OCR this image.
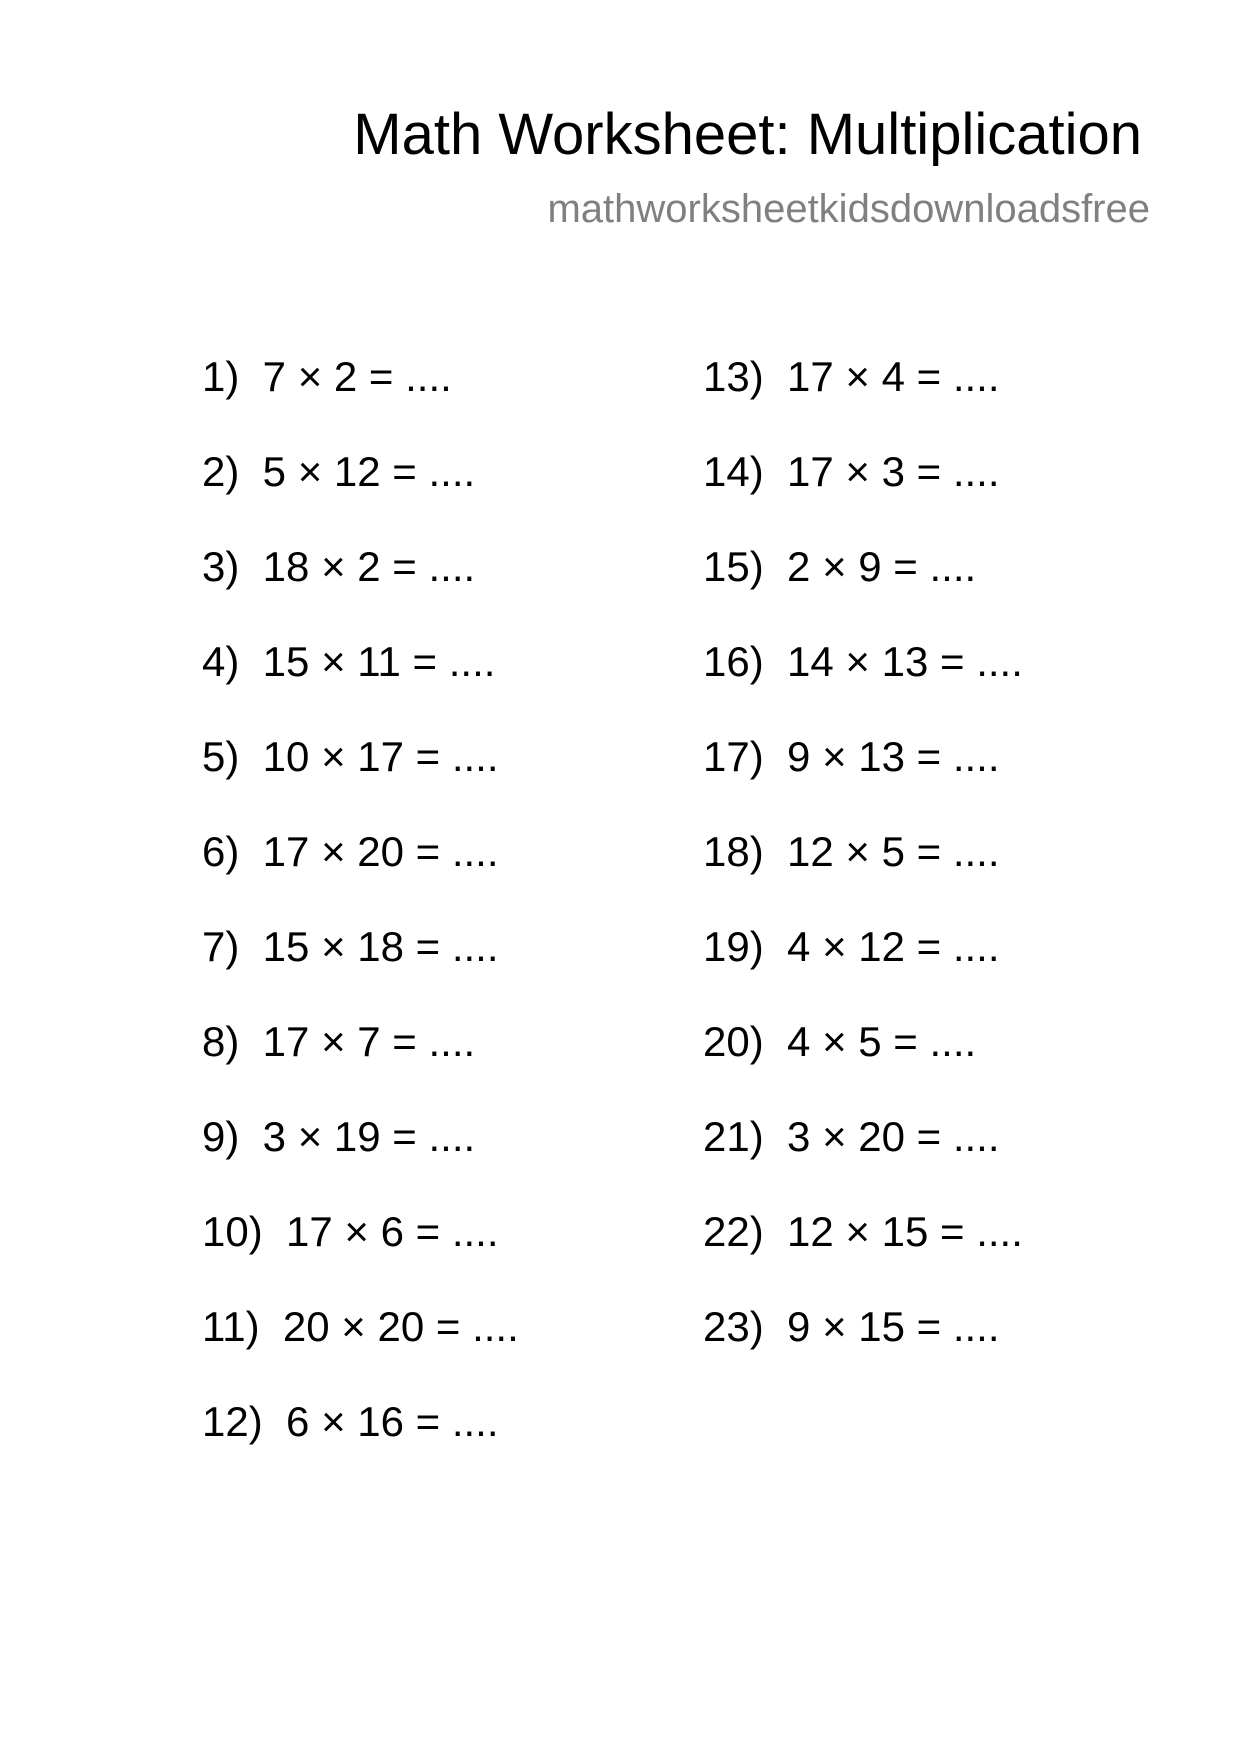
Math Worksheet: Multiplication
mathworksheetkidsdownloadsfree
1)  7 × 2 = ....
2)  5 × 12 = ....
3)  18 × 2 = ....
4)  15 × 11 = ....
5)  10 × 17 = ....
6)  17 × 20 = ....
7)  15 × 18 = ....
8)  17 × 7 = ....
9)  3 × 19 = ....
10)  17 × 6 = ....
11)  20 × 20 = ....
12)  6 × 16 = ....
13)  17 × 4 = ....
14)  17 × 3 = ....
15)  2 × 9 = ....
16)  14 × 13 = ....
17)  9 × 13 = ....
18)  12 × 5 = ....
19)  4 × 12 = ....
20)  4 × 5 = ....
21)  3 × 20 = ....
22)  12 × 15 = ....
23)  9 × 15 = ....
